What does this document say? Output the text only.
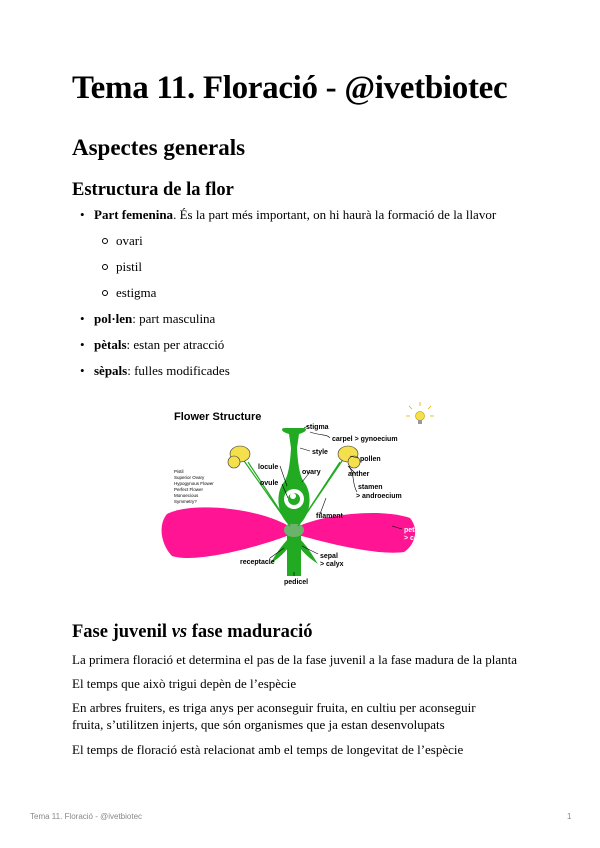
Tema 11. Floració - @ivetbiotec
Aspectes generals
Estructura de la flor
• Part femenina. És la part més important, on hi haurà la formació de la llavor
ovari
pistil
estigma
• pol·len: part masculina
• pètals: estan per atracció
• sèpals: fulles modificades
Flower Structure
stigma
carpel > gynoecium
style
pollen
locule
ovary	anther
ovule
stamen
> androecium
filament
petal
> corolla
receptacle
sepal
> calyx
pedicel
Pistil
Superior Ovary
Hypogynous Flower
Perfect Flower
Monoecious
Symmetry?
Fase juvenil vs fase maduració

La primera floració et determina el pas de la fase juvenil a la fase madura de la planta

El temps que això trigui depèn de l’espècie

En arbres fruiters, es triga anys per aconseguir fruita, en cultiu per aconseguir fruita, s’utilitzen injerts, que són organismes que ja estan desenvolupats

El temps de floració està relacionat amb el temps de longevitat de l’espècie

Tema 11. Floració - @ivetbiotec	1
